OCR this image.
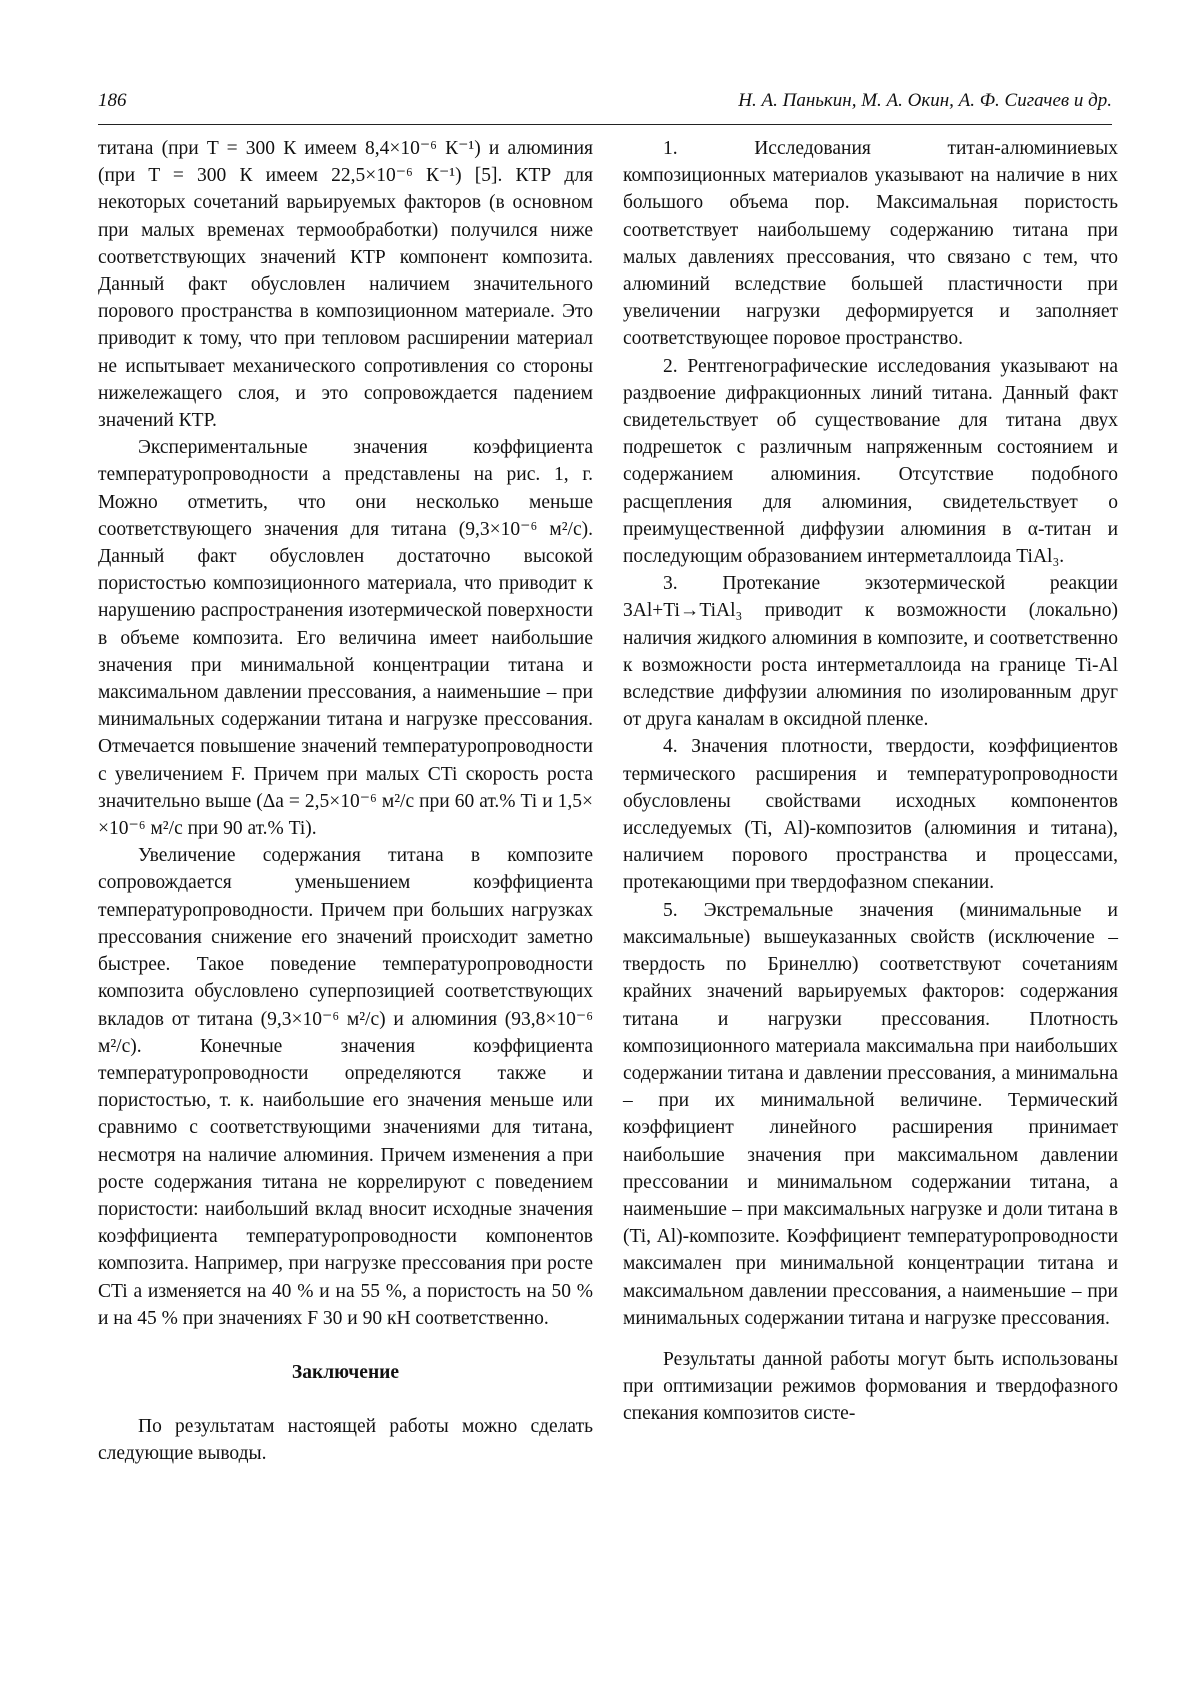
186	Н. А. Панькин, М. А. Окин, А. Ф. Сигачев и др.

титана (при T = 300 К имеем 8,4×10⁻⁶ К⁻¹) и алюминия (при T = 300 К имеем 22,5×10⁻⁶ К⁻¹) [5]. КТР для некоторых сочетаний варьируемых факторов (в основном при малых временах термообработки) получился ниже соответствующих значений КТР компонент композита. Данный факт обусловлен наличием значительного порового пространства в композиционном материале. Это приводит к тому, что при тепловом расширении материал не испытывает механического сопротивления со стороны нижележащего слоя, и это сопровождается падением значений КТР.

Экспериментальные значения коэффициента температуропроводности a представлены на рис. 1, г. Можно отметить, что они несколько меньше соответствующего значения для титана (9,3×10⁻⁶ м²/с). Данный факт обусловлен достаточно высокой пористостью композиционного материала, что приводит к нарушению распространения изотермической поверхности в объеме композита. Его величина имеет наибольшие значения при минимальной концентрации титана и максимальном давлении прессования, а наименьшие – при минимальных содержании титана и нагрузке прессования. Отмечается повышение значений температуропроводности с увеличением F. Причем при малых CTi скорость роста значительно выше (Δa = 2,5×10⁻⁶ м²/с при 60 ат.% Ti и 1,5× ×10⁻⁶ м²/с при 90 ат.% Ti).

Увеличение содержания титана в композите сопровождается уменьшением коэффициента температуропроводности. Причем при больших нагрузках прессования снижение его значений происходит заметно быстрее. Такое поведение температуропроводности композита обусловлено суперпозицией соответствующих вкладов от титана (9,3×10⁻⁶ м²/с) и алюминия (93,8×10⁻⁶ м²/с). Конечные значения коэффициента температуропроводности определяются также и пористостью, т. к. наибольшие его значения меньше или сравнимо с соответствующими значениями для титана, несмотря на наличие алюминия. Причем изменения a при росте содержания титана не коррелируют с поведением пористости: наибольший вклад вносит исходные значения коэффициента температуропроводности компонентов композита. Например, при нагрузке прессования при росте CTi a изменяется на 40 % и на 55 %, а пористость на 50 % и на 45 % при значениях F 30 и 90 кН соответственно.

Заключение

По результатам настоящей работы можно сделать следующие выводы.

1. Исследования титан-алюминиевых композиционных материалов указывают на наличие в них большого объема пор. Максимальная пористость соответствует наибольшему содержанию титана при малых давлениях прессования, что связано с тем, что алюминий вследствие большей пластичности при увеличении нагрузки деформируется и заполняет соответствующее поровое пространство.

2. Рентгенографические исследования указывают на раздвоение дифракционных линий титана. Данный факт свидетельствует об существование для титана двух подрешеток с различным напряженным состоянием и содержанием алюминия. Отсутствие подобного расщепления для алюминия, свидетельствует о преимущественной диффузии алюминия в α-титан и последующим образованием интерметаллоида TiAl₃.

3. Протекание экзотермической реакции 3Al+Ti→TiAl₃ приводит к возможности (локально) наличия жидкого алюминия в композите, и соответственно к возможности роста интерметаллоида на границе Ti-Al вследствие диффузии алюминия по изолированным друг от друга каналам в оксидной пленке.

4. Значения плотности, твердости, коэффициентов термического расширения и температуропроводности обусловлены свойствами исходных компонентов исследуемых (Ti, Al)-композитов (алюминия и титана), наличием порового пространства и процессами, протекающими при твердофазном спекании.

5. Экстремальные значения (минимальные и максимальные) вышеуказанных свойств (исключение – твердость по Бринеллю) соответствуют сочетаниям крайних значений варьируемых факторов: содержания титана и нагрузки прессования. Плотность композиционного материала максимальна при наибольших содержании титана и давлении прессования, а минимальна – при их минимальной величине. Термический коэффициент линейного расширения принимает наибольшие значения при максимальном давлении прессовании и минимальном содержании титана, а наименьшие – при максимальных нагрузке и доли титана в (Ti, Al)-композите. Коэффициент температуропроводности максимален при минимальной концентрации титана и максимальном давлении прессования, а наименьшие – при минимальных содержании титана и нагрузке прессования.

Результаты данной работы могут быть использованы при оптимизации режимов формования и твердофазного спекания композитов систе-
